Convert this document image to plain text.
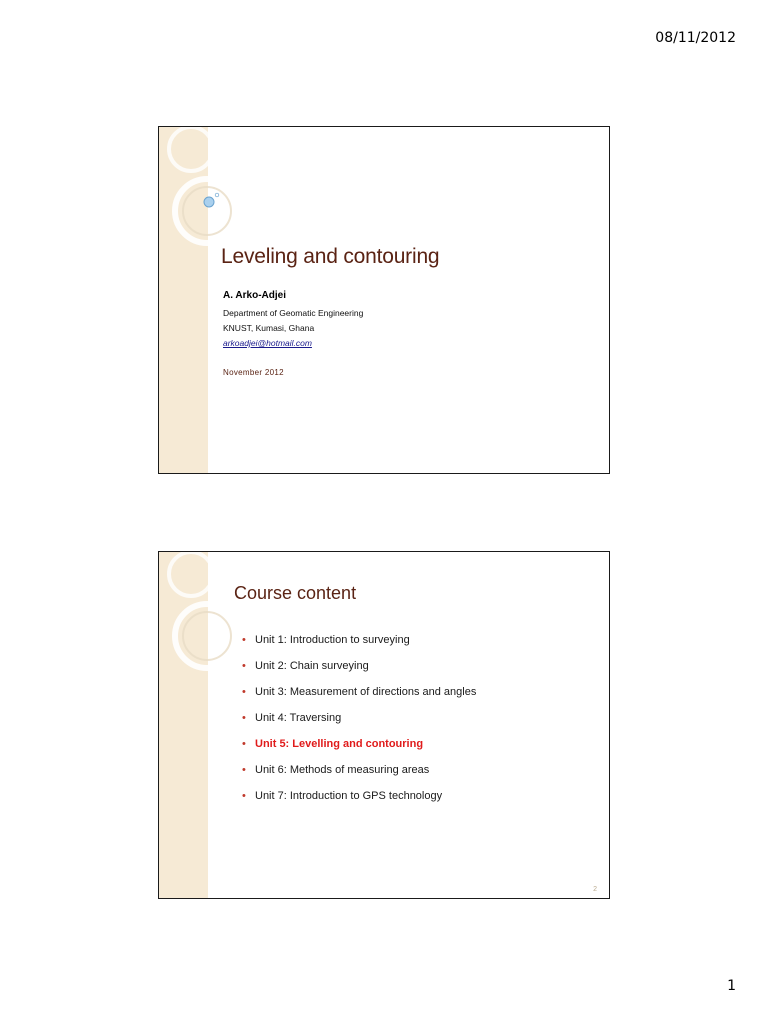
08/11/2012
Leveling and contouring
A. Arko-Adjei
Department of Geomatic Engineering
KNUST, Kumasi, Ghana
arkoadjei@hotmail.com
November 2012
Course content
• Unit 1: Introduction to surveying
• Unit 2: Chain surveying
• Unit 3: Measurement of directions and angles
• Unit 4: Traversing
• Unit 5: Levelling and contouring
• Unit 6: Methods of measuring areas
• Unit 7: Introduction to GPS technology
2
1
